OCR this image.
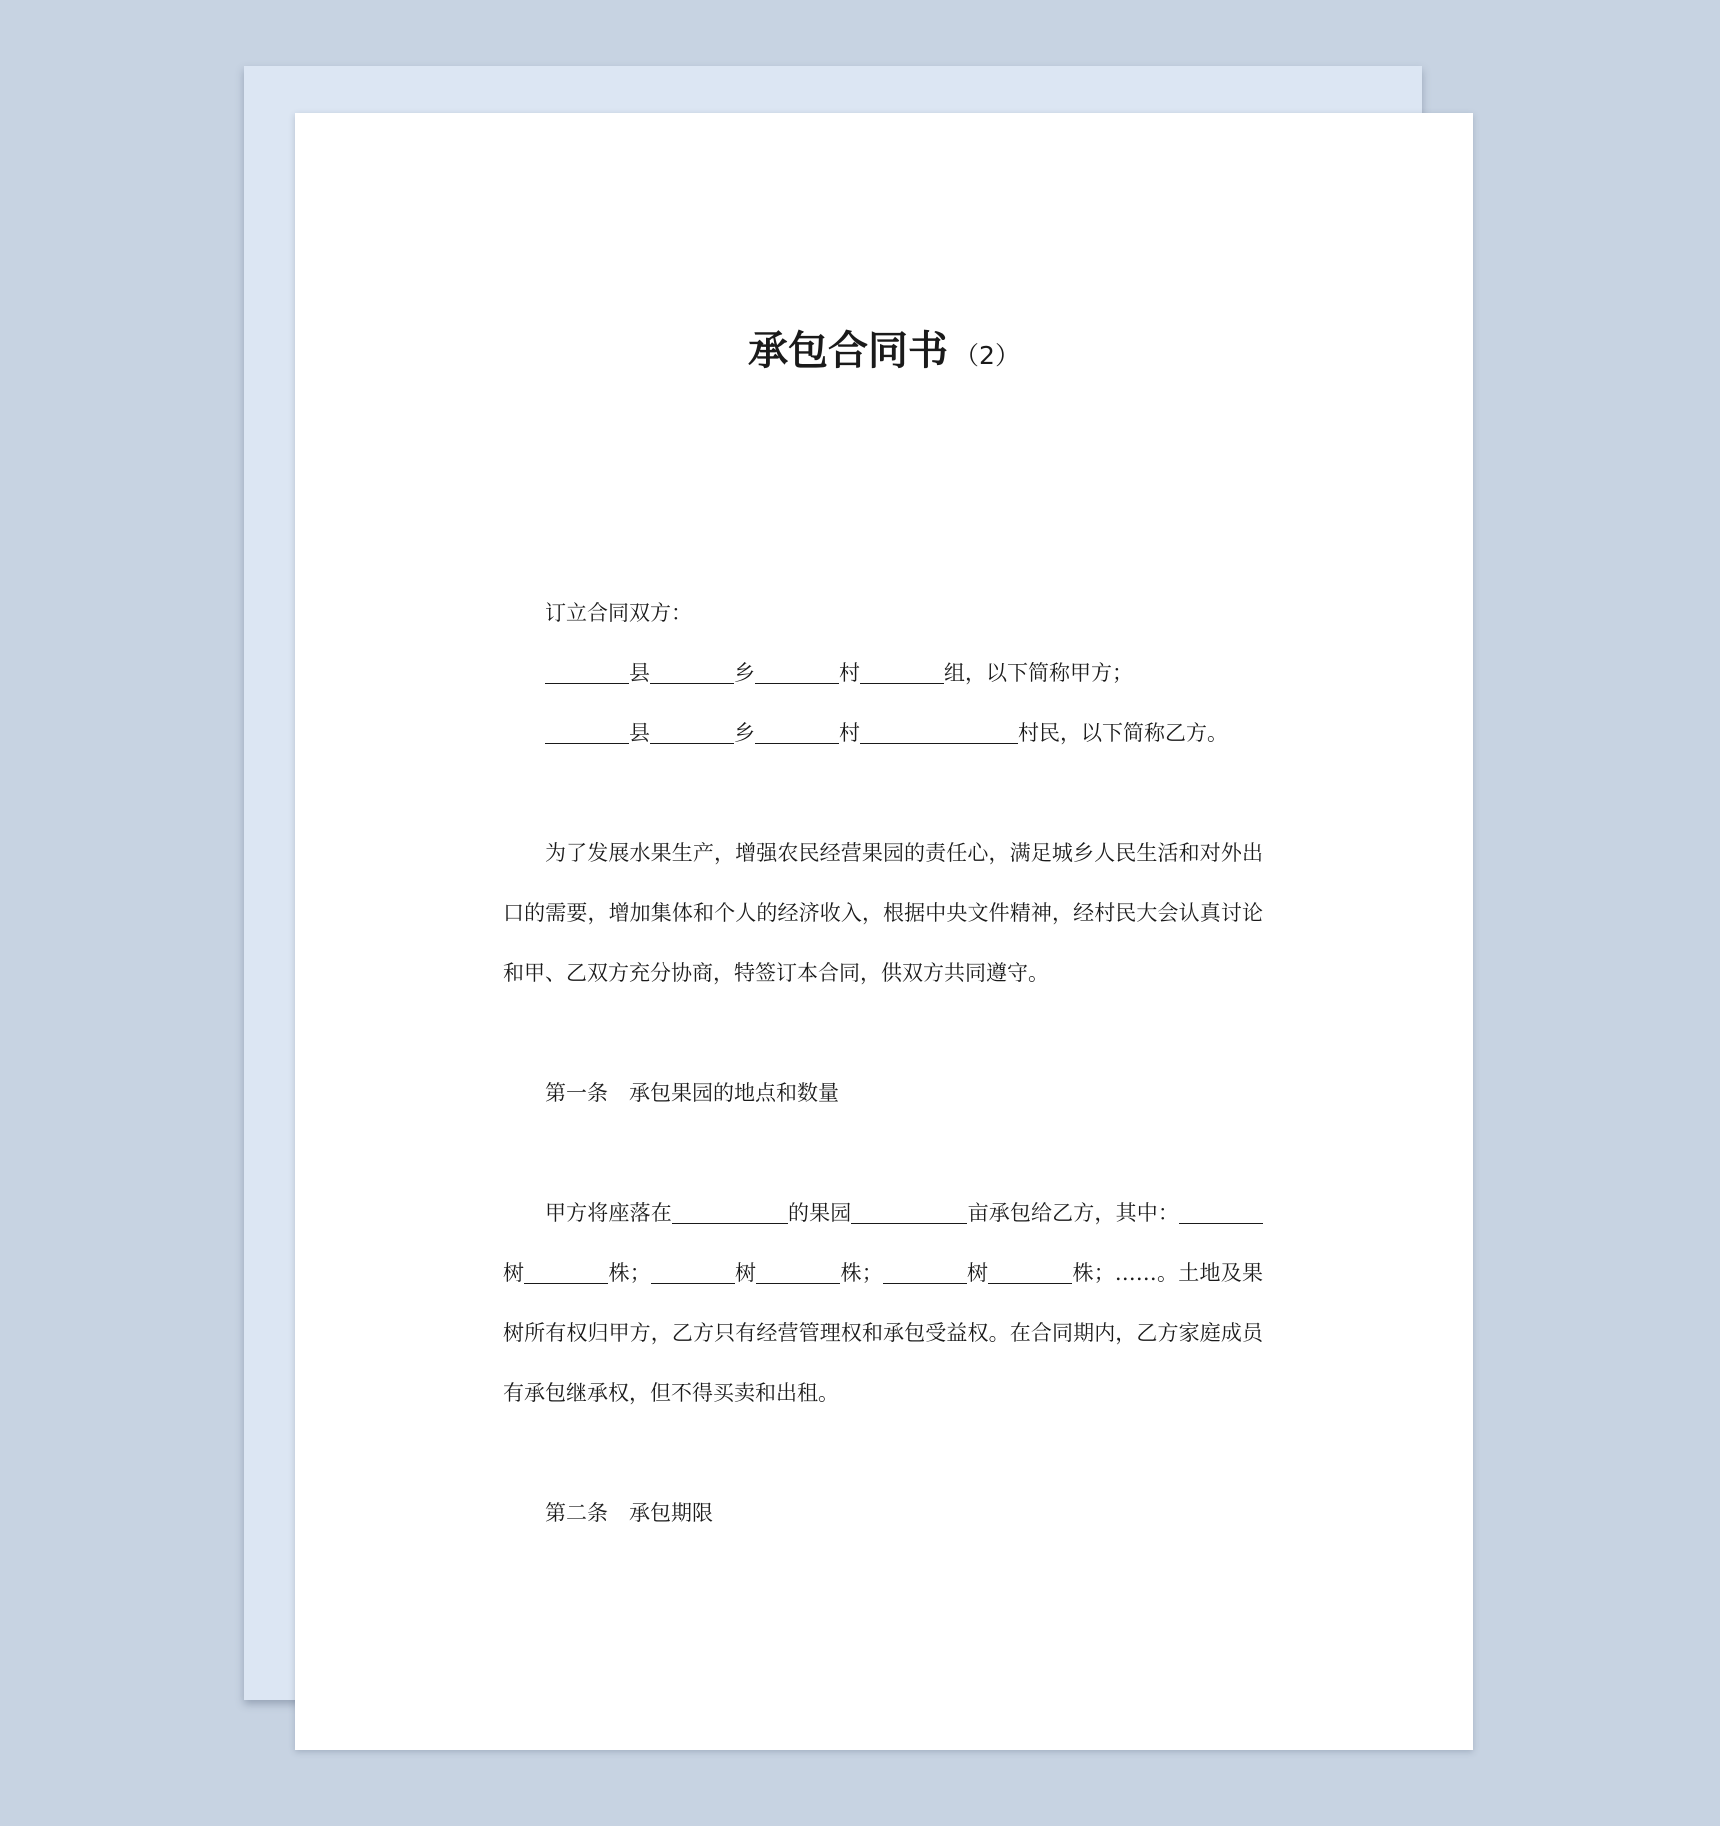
承包合同书 （2）

订立合同双方：

县	乡	村	组，以下简称甲方；

县	乡	村	村民，以下简称乙方。

为了发展水果生产，增强农民经营果园的责任心，满足城乡人民生活和对外出口的需要，增加集体和个人的经济收入，根据中央文件精神，经村民大会认真讨论和甲、乙双方充分协商，特签订本合同，供双方共同遵守。

第一条　承包果园的地点和数量

甲方将座落在	的果园	亩承包给乙方，其中：树	株；	树	株；	树	株；……。土地及果树所有权归甲方，乙方只有经营管理权和承包受益权。在合同期内，乙方家庭成员有承包继承权，但不得买卖和出租。

第二条　承包期限
